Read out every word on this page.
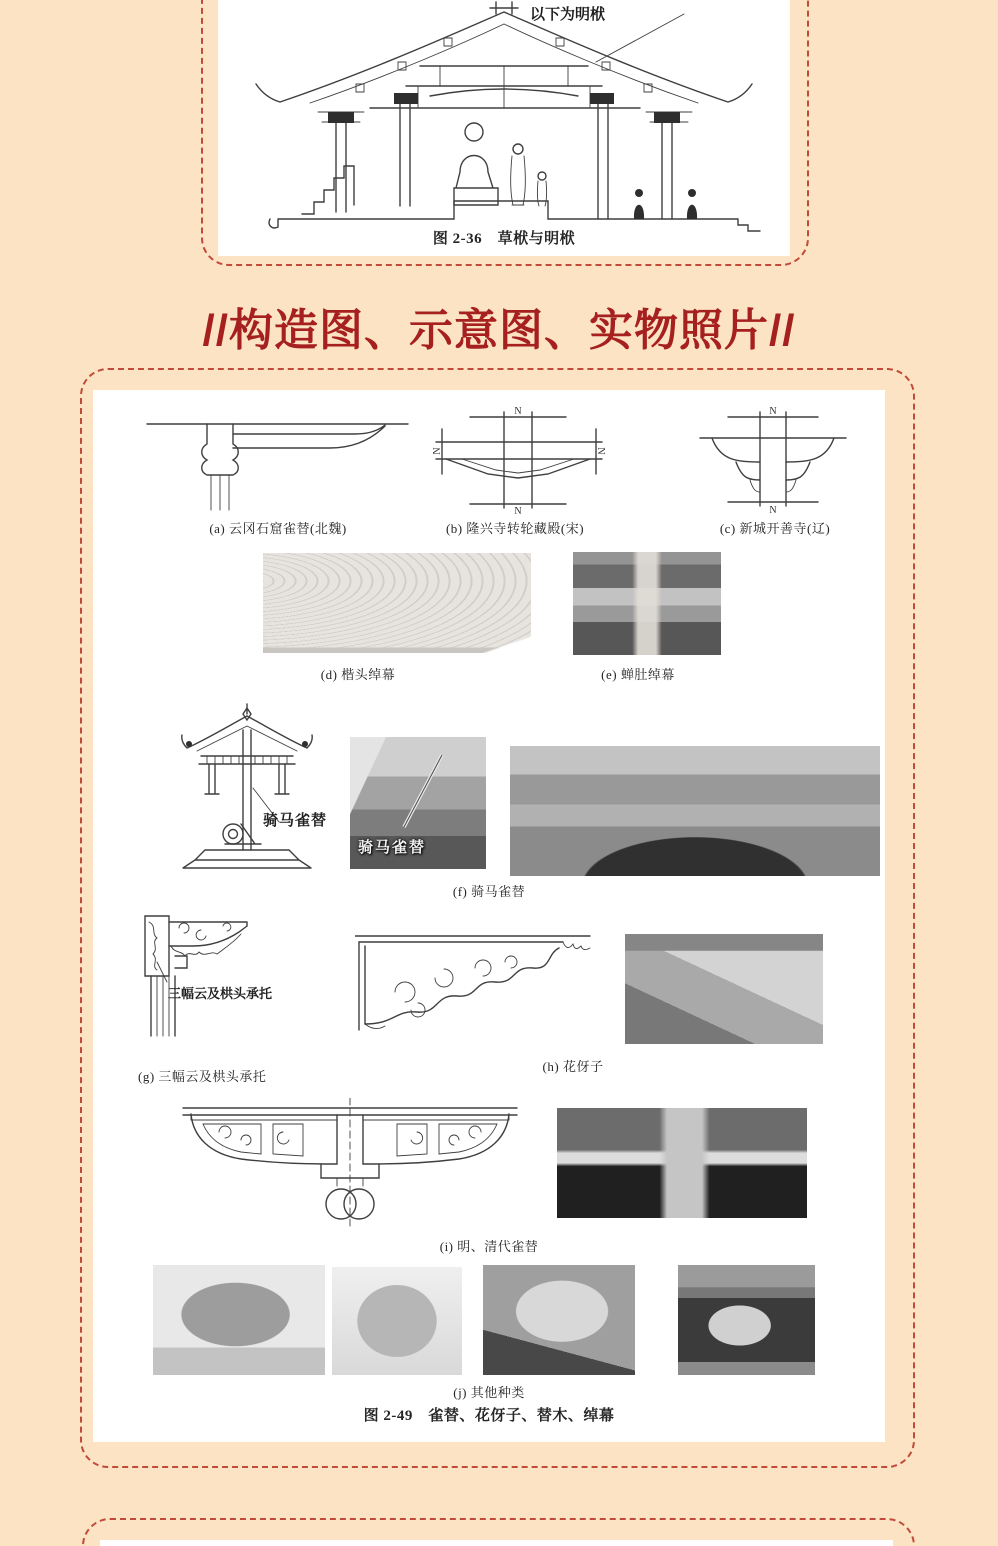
以下为明栿
图 2-36　草栿与明栿
//构造图、示意图、实物照片//
N
N
N	N
N
N
(a) 云冈石窟雀替(北魏)	(b) 隆兴寺转轮藏殿(宋)	(c) 新城开善寺(辽)
(d) 楷头绰幕	(e) 蝉肚绰幕
骑马雀替
骑马雀替
(f) 骑马雀替
三幅云及栱头承托
(g) 三幅云及栱头承托
(h) 花伢子
(i) 明、清代雀替
(j) 其他种类
图 2-49　雀替、花伢子、替木、绰幕
